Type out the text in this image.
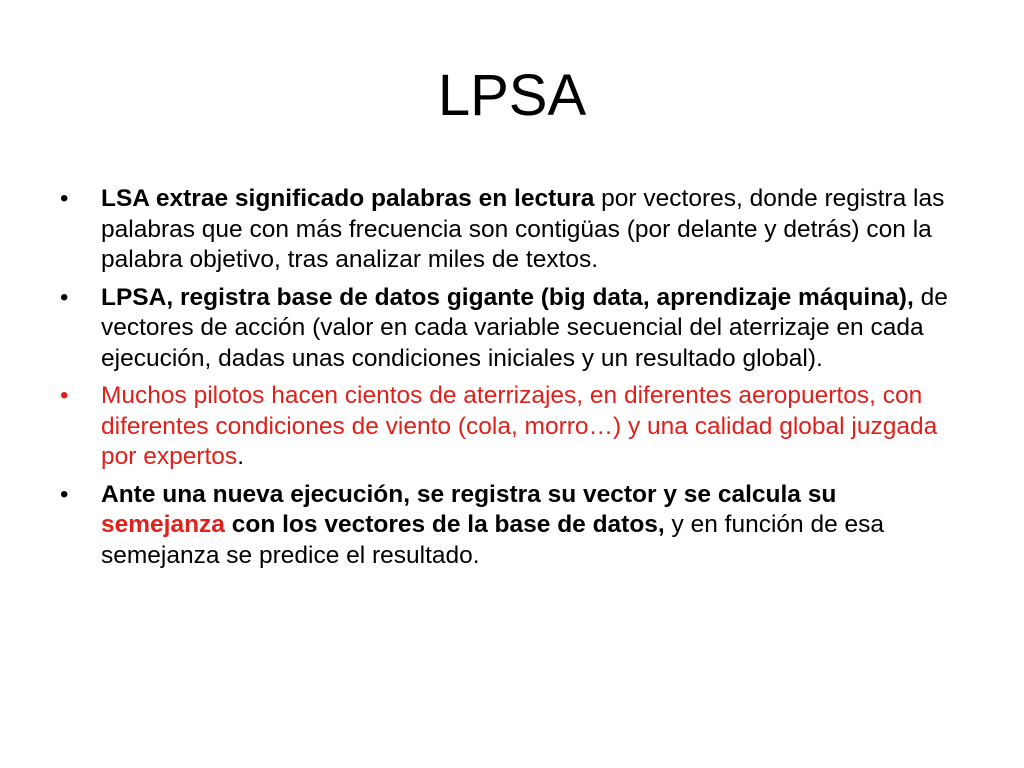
LPSA
• LSA extrae significado palabras en lectura por vectores, donde registra las palabras que con más frecuencia son contigüas (por delante y detrás) con la palabra objetivo, tras analizar miles de textos.
• LPSA, registra base de datos gigante (big data, aprendizaje máquina), de vectores de acción (valor en cada variable secuencial del aterrizaje en cada ejecución, dadas unas condiciones iniciales y un resultado global).
• Muchos pilotos hacen cientos de aterrizajes, en diferentes aeropuertos, con diferentes condiciones de viento (cola, morro…) y una calidad global juzgada por expertos.
• Ante una nueva ejecución, se registra su vector y se calcula su semejanza con los vectores de la base de datos, y en función de esa semejanza se predice el resultado.
